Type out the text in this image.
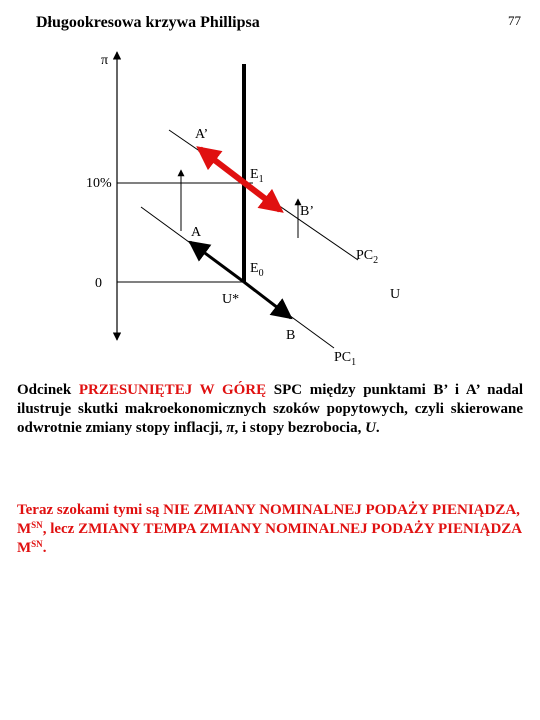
Długookresowa krzywa Phillipsa	77
π
10%
0
A’
$E_1$
B’
A
$PC_2$
$E_0$
U*	U
B
$PC_1$
Odcinek PRZESUNIĘTEJ W GÓRĘ SPC między punktami B’ i A’ nadal ilustruje skutki makroekonomicznych szoków popytowych, czyli skierowane odwrotnie zmiany stopy inflacji, π, i stopy bezrobocia, U.
Teraz szokami tymi są NIE ZMIANY NOMINALNEJ PODAŻY PIENIĄDZA, $M^{SN}$, lecz ZMIANY TEMPA ZMIANY NOMINALNEJ PODAŻY PIENIĄDZA $M^{SN}$.
